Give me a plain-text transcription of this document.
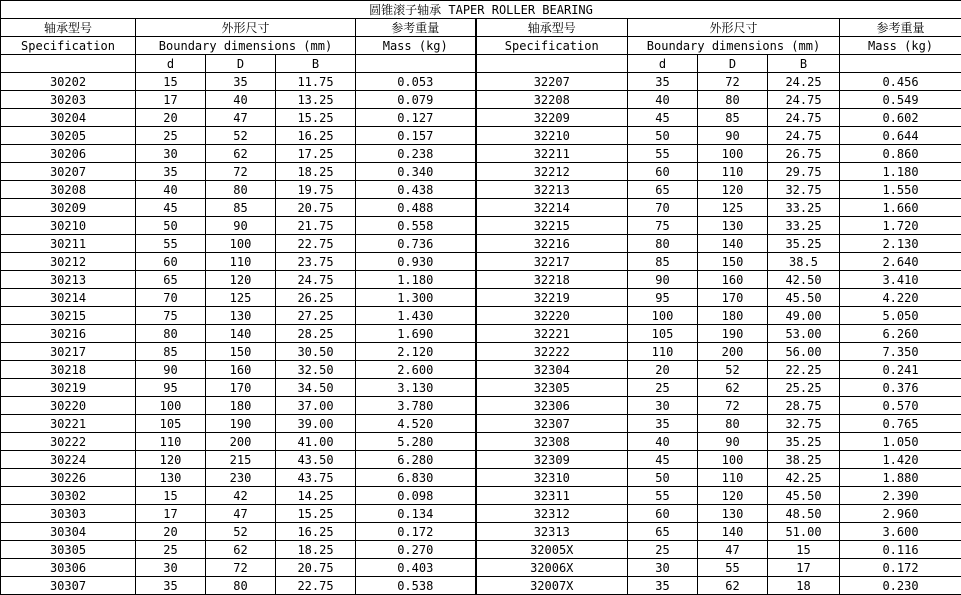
圆锥滚子轴承 TAPER ROLLER BEARING									
轴承型号	外形尺寸			参考重量	轴承型号	外形尺寸			参考重量
Specification	Boundary dimensions (mm)			Mass (kg)	Specification	Boundary dimensions (mm)			Mass (kg)
	d	D	B			d	D	B	
30202	15	35	11.75	0.053	32207	35	72	24.25	0.456
30203	17	40	13.25	0.079	32208	40	80	24.75	0.549
30204	20	47	15.25	0.127	32209	45	85	24.75	0.602
30205	25	52	16.25	0.157	32210	50	90	24.75	0.644
30206	30	62	17.25	0.238	32211	55	100	26.75	0.860
30207	35	72	18.25	0.340	32212	60	110	29.75	1.180
30208	40	80	19.75	0.438	32213	65	120	32.75	1.550
30209	45	85	20.75	0.488	32214	70	125	33.25	1.660
30210	50	90	21.75	0.558	32215	75	130	33.25	1.720
30211	55	100	22.75	0.736	32216	80	140	35.25	2.130
30212	60	110	23.75	0.930	32217	85	150	38.5	2.640
30213	65	120	24.75	1.180	32218	90	160	42.50	3.410
30214	70	125	26.25	1.300	32219	95	170	45.50	4.220
30215	75	130	27.25	1.430	32220	100	180	49.00	5.050
30216	80	140	28.25	1.690	32221	105	190	53.00	6.260
30217	85	150	30.50	2.120	32222	110	200	56.00	7.350
30218	90	160	32.50	2.600	32304	20	52	22.25	0.241
30219	95	170	34.50	3.130	32305	25	62	25.25	0.376
30220	100	180	37.00	3.780	32306	30	72	28.75	0.570
30221	105	190	39.00	4.520	32307	35	80	32.75	0.765
30222	110	200	41.00	5.280	32308	40	90	35.25	1.050
30224	120	215	43.50	6.280	32309	45	100	38.25	1.420
30226	130	230	43.75	6.830	32310	50	110	42.25	1.880
30302	15	42	14.25	0.098	32311	55	120	45.50	2.390
30303	17	47	15.25	0.134	32312	60	130	48.50	2.960
30304	20	52	16.25	0.172	32313	65	140	51.00	3.600
30305	25	62	18.25	0.270	32005X	25	47	15	0.116
30306	30	72	20.75	0.403	32006X	30	55	17	0.172
30307	35	80	22.75	0.538	32007X	35	62	18	0.230
